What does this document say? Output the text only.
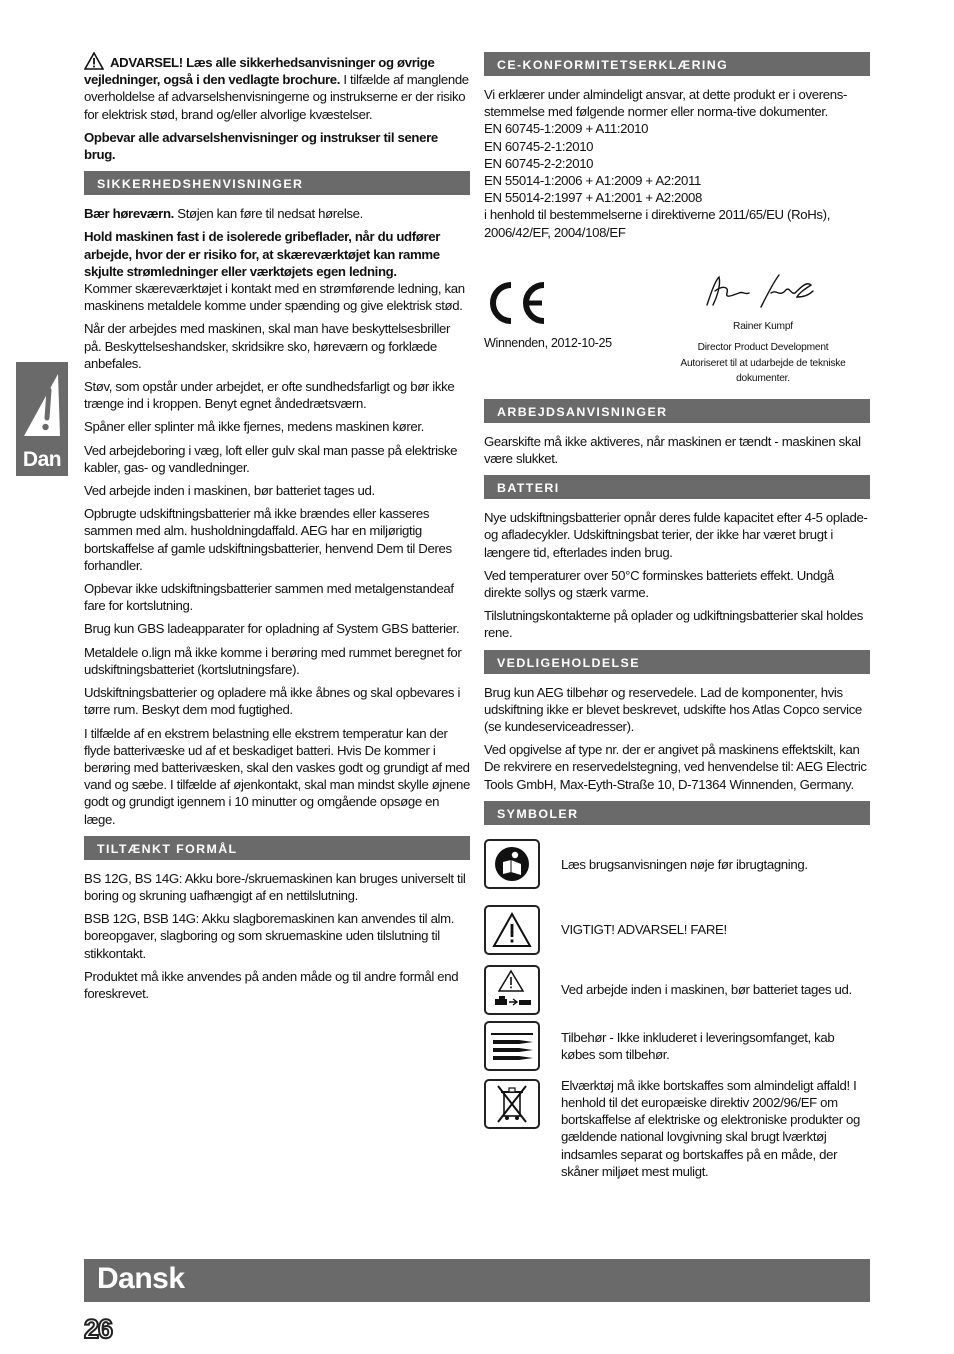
ADVARSEL! Læs alle sikkerhedsanvisninger og øvrige vejledninger, også i den vedlagte brochure. I tilfælde af manglende overholdelse af advarselshenvisningerne og instrukserne er der risiko for elektrisk stød, brand og/eller alvorlige kvæstelser.

Opbevar alle advarselshenvisninger og instrukser til senere brug.

SIKKERHEDSHENVISNINGER

Bær høreværn. Støjen kan føre til nedsat hørelse.

Hold maskinen fast i de isolerede gribeflader, når du udfører arbejde, hvor der er risiko for, at skæreværktøjet kan ramme skjulte strømledninger eller værktøjets egen ledning.
Kommer skæreværktøjet i kontakt med en strømførende ledning, kan maskinens metaldele komme under spænding og give elektrisk stød.

Når der arbejdes med maskinen, skal man have beskyttelsesbriller på. Beskyttelseshandsker, skridsikre sko, høreværn og forklæde anbefales.

Støv, som opstår under arbejdet, er ofte sundhedsfarligt og bør ikke trænge ind i kroppen. Benyt egnet åndedrætsværn.

Spåner eller splinter må ikke fjernes, medens maskinen kører.

Ved arbejdeboring i væg, loft eller gulv skal man passe på elektriske kabler, gas- og vandledninger.

Ved arbejde inden i maskinen, bør batteriet tages ud.

Opbrugte udskiftningsbatterier må ikke brændes eller kasseres sammen med alm. husholdningdaffald. AEG har en miljørigtig bortskaffelse af gamle udskiftningsbatterier, henvend Dem til Deres forhandler.

Opbevar ikke udskiftningsbatterier sammen med metalgenstandeaf fare for kortslutning.

Brug kun GBS ladeapparater for opladning af System GBS batterier.

Metaldele o.lign må ikke komme i berøring med rummet beregnet for udskiftningsbatteriet (kortslutningsfare).

Udskiftningsbatterier og opladere må ikke åbnes og skal opbevares i tørre rum. Beskyt dem mod fugtighed.

I tilfælde af en ekstrem belastning elle ekstrem temperatur kan der flyde batterivæske ud af et beskadiget batteri. Hvis De kommer i berøring med batterivæsken, skal den vaskes godt og grundigt af med vand og sæbe. I tilfælde af øjenkontakt, skal man mindst skylle øjnene godt og grundigt igennem i 10 minutter og omgående opsøge en læge.

TILTÆNKT FORMÅL

BS 12G, BS 14G: Akku bore-/skruemaskinen kan bruges universelt til boring og skruning uafhængigt af en nettilslutning.

BSB 12G, BSB 14G: Akku slagboremaskinen kan anvendes til alm. boreopgaver, slagboring og som skruemaskine uden tilslutning til stikkontakt.

Produktet må ikke anvendes på anden måde og til andre formål end foreskrevet.

CE-KONFORMITETSERKLÆRING
Vi erklærer under almindeligt ansvar, at dette produkt er i overens-stemmelse med følgende normer eller norma-tive dokumenter.
EN 60745-1:2009 + A11:2010
EN 60745-2-1:2010
EN 60745-2-2:2010
EN 55014-1:2006 + A1:2009 + A2:2011
EN 55014-2:1997 + A1:2001 + A2:2008
i henhold til bestemmelserne i direktiverne 2011/65/EU (RoHs), 2006/42/EF, 2004/108/EF
Winnenden, 2012-10-25
Rainer Kumpf
Director Product Development
Autoriseret til at udarbejde de tekniske dokumenter.
ARBEJDSANVISNINGER

Gearskifte må ikke aktiveres, når maskinen er tændt - maskinen skal være slukket.

BATTERI

Nye udskiftningsbatterier opnår deres fulde kapacitet efter 4-5 oplade- og afladecykler. Udskiftningsbat terier, der ikke har været brugt i længere tid, efterlades inden brug.

Ved temperaturer over 50°C forminskes batteriets effekt. Undgå direkte sollys og stærk varme.

Tilslutningskontakterne på oplader og udkiftningsbatterier skal holdes rene.

VEDLIGEHOLDELSE

Brug kun AEG tilbehør og reservedele. Lad de komponenter, hvis udskiftning ikke er blevet beskrevet, udskifte hos Atlas Copco service (se kundeserviceadresser).

Ved opgivelse af type nr. der er angivet på maskinens effektskilt, kan De rekvirere en reservedelstegning, ved henvendelse til: AEG Electric Tools GmbH, Max-Eyth-Straße 10, D-71364 Winnenden, Germany.

SYMBOLER
Læs brugsanvisningen nøje før ibrugtagning.
VIGTIGT! ADVARSEL! FARE!
Ved arbejde inden i maskinen, bør batteriet tages ud.
Tilbehør - Ikke inkluderet i leveringsomfanget, kab købes som tilbehør.
Elværktøj må ikke bortskaffes som almindeligt affald! I henhold til det europæiske direktiv 2002/96/EF om bortskaffelse af elektriske og elektroniske produkter og gældende national lovgivning skal brugt lværktøj indsamles separat og bortskaffes på en måde, der skåner miljøet mest muligt.
Dan
Dansk
26
